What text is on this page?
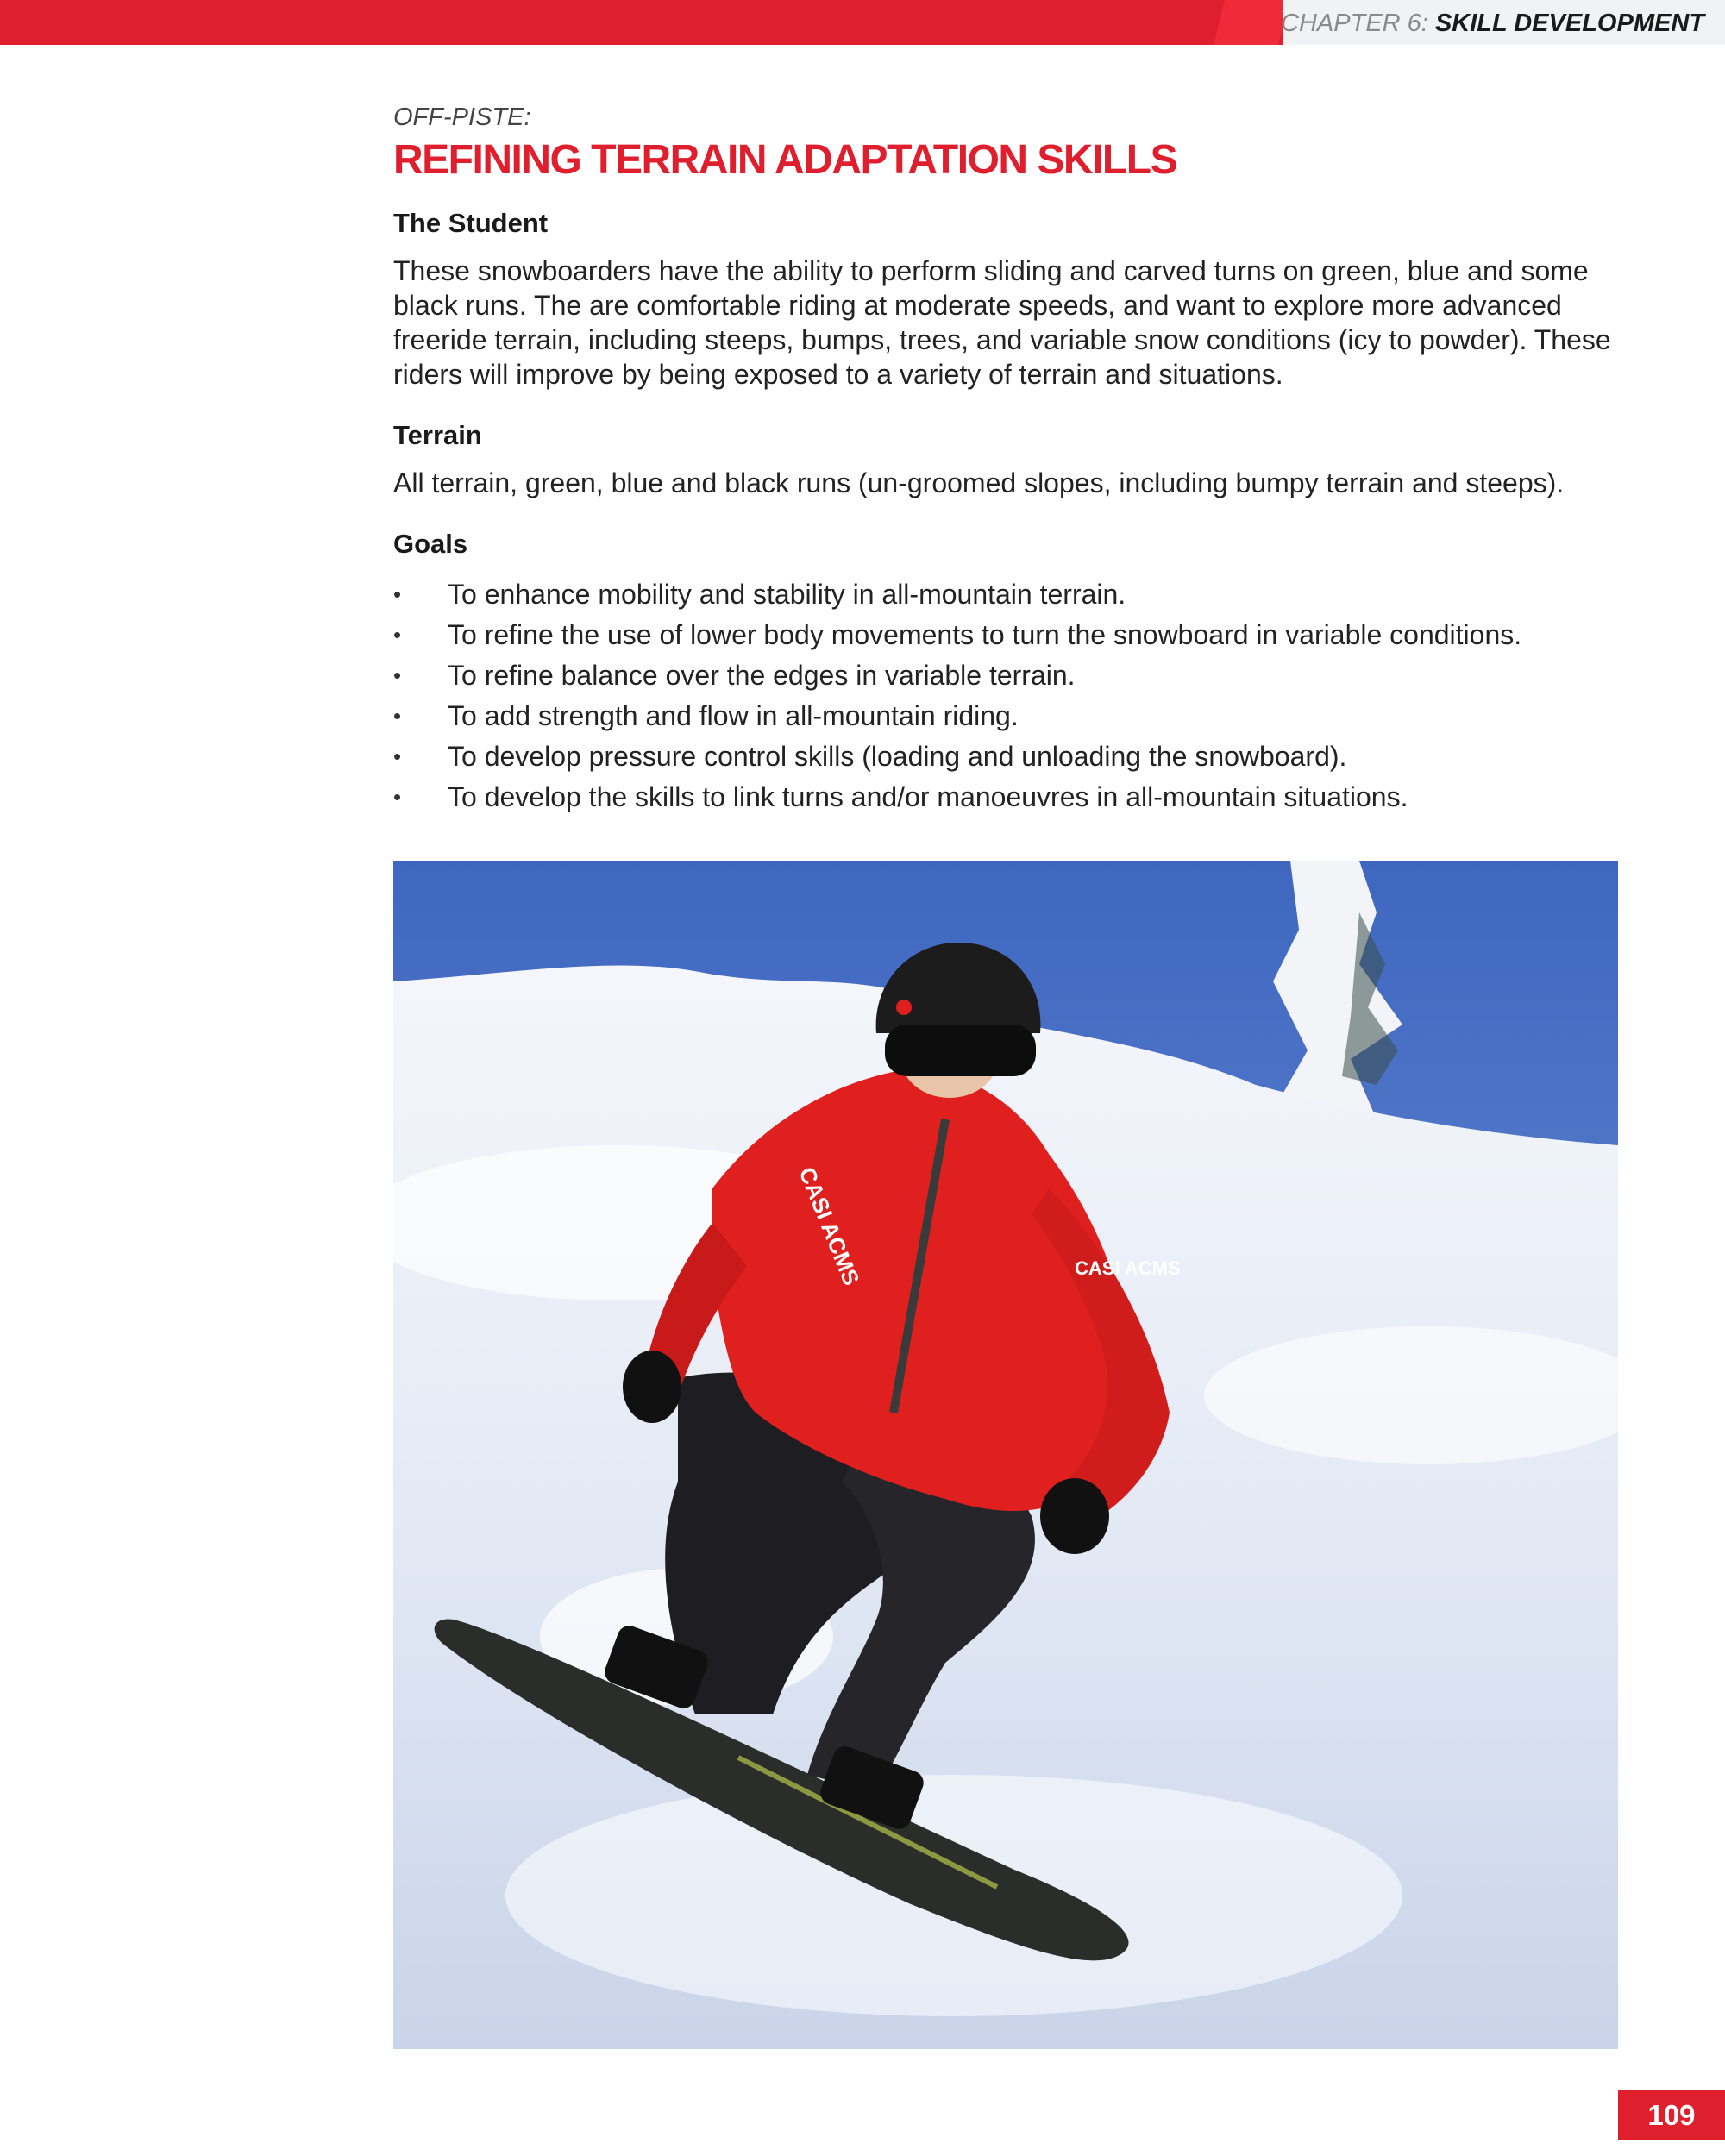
CHAPTER 6: SKILL DEVELOPMENT

OFF-PISTE:

REFINING TERRAIN ADAPTATION SKILLS
The Student

These snowboarders have the ability to perform sliding and carved turns on green, blue and some black runs. The are comfortable riding at moderate speeds, and want to explore more advanced freeride terrain, including steeps, bumps, trees, and variable snow conditions (icy to powder). These riders will improve by being exposed to a variety of terrain and situations.

Terrain

All terrain, green, blue and black runs (un-groomed slopes, including bumpy terrain and steeps).

Goals
• To enhance mobility and stability in all-mountain terrain.
• To refine the use of lower body movements to turn the snowboard in variable conditions.
• To refine balance over the edges in variable terrain.
• To add strength and flow in all-mountain riding.
• To develop pressure control skills (loading and unloading the snowboard).
• To develop the skills to link turns and/or manoeuvres in all-mountain situations.
CASI ACMS	CASI ACMS
109
